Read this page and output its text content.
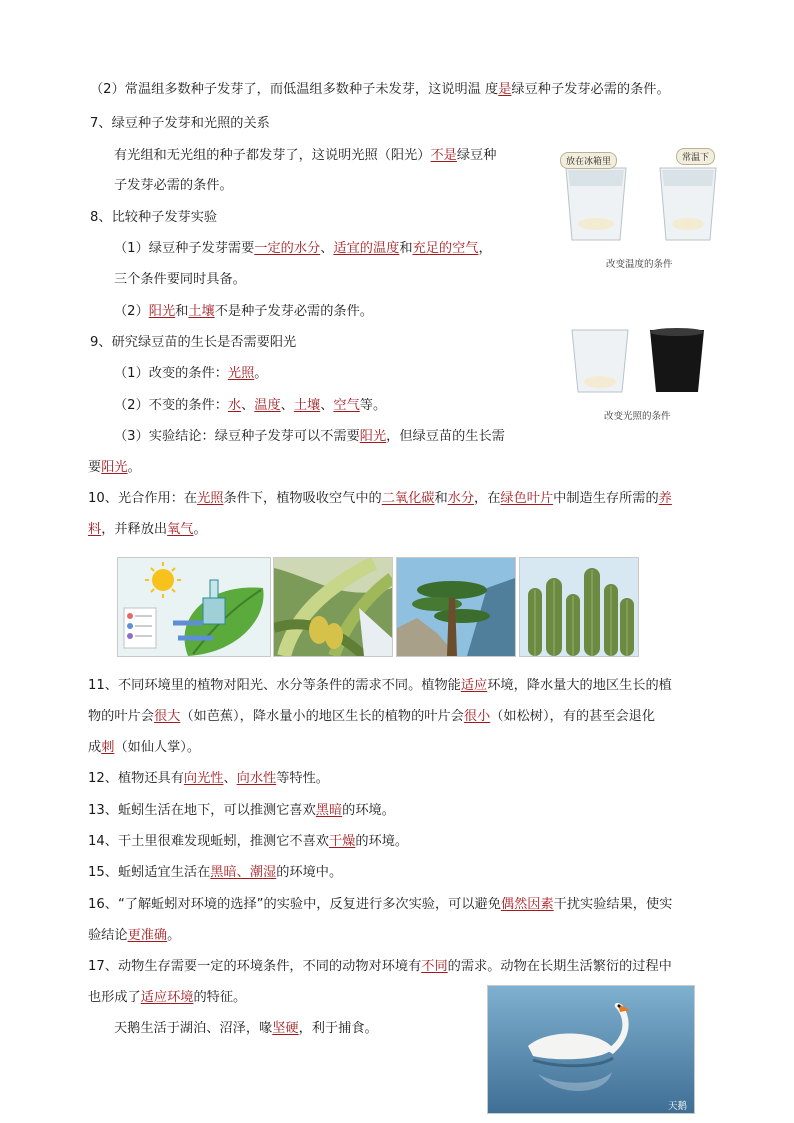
（2）常温组多数种子发芽了，而低温组多数种子未发芽，这说明温 度是绿豆种子发芽必需的条件。
7、绿豆种子发芽和光照的关系
有光组和无光组的种子都发芽了，这说明光照（阳光）不是绿豆种
子发芽必需的条件。
8、比较种子发芽实验
（1）绿豆种子发芽需要一定的水分、适宜的温度和充足的空气，
三个条件要同时具备。
（2）阳光和土壤不是种子发芽必需的条件。
9、研究绿豆苗的生长是否需要阳光
（1）改变的条件：光照。
（2）不变的条件：水、温度、土壤、空气等。
（3）实验结论：绿豆种子发芽可以不需要阳光，但绿豆苗的生长需
要阳光。
10、光合作用：在光照条件下，植物吸收空气中的二氧化碳和水分，在绿色叶片中制造生存所需的养
料，并释放出氧气。
放在冰箱里	常温下
改变温度的条件
改变光照的条件
11、不同环境里的植物对阳光、水分等条件的需求不同。植物能适应环境，降水量大的地区生长的植
物的叶片会很大（如芭蕉），降水量小的地区生长的植物的叶片会很小（如松树），有的甚至会退化
成刺（如仙人掌）。
12、植物还具有向光性、向水性等特性。
13、蚯蚓生活在地下，可以推测它喜欢黑暗的环境。
14、干土里很难发现蚯蚓，推测它不喜欢干燥的环境。
15、蚯蚓适宜生活在黑暗、潮湿的环境中。
16、“了解蚯蚓对环境的选择”的实验中，反复进行多次实验，可以避免偶然因素干扰实验结果，使实
验结论更准确。
17、动物生存需要一定的环境条件，不同的动物对环境有不同的需求。动物在长期生活繁衍的过程中
也形成了适应环境的特征。
天鹅生活于湖泊、沼泽，喙坚硬，利于捕食。
天鹅
